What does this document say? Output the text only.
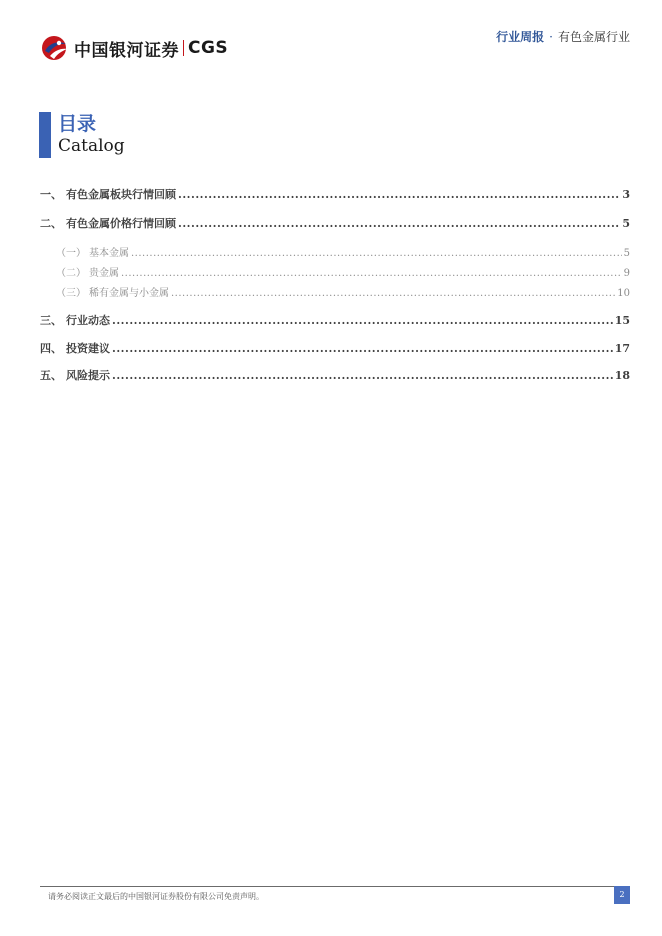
中国银河证券 CGS
行业周报 · 有色金属行业
目录
Catalog
一、 有色金属板块行情回顾 .....	3
二、 有色金属价格行情回顾 .....	5
（一） 基本金属 .....	5
（二） 贵金属 .....	9
（三） 稀有金属与小金属 .....	10
三、 行业动态 .....	15
四、 投资建议 .....	17
五、 风险提示 .....	18
请务必阅读正文最后的中国银河证券股份有限公司免责声明。	2
